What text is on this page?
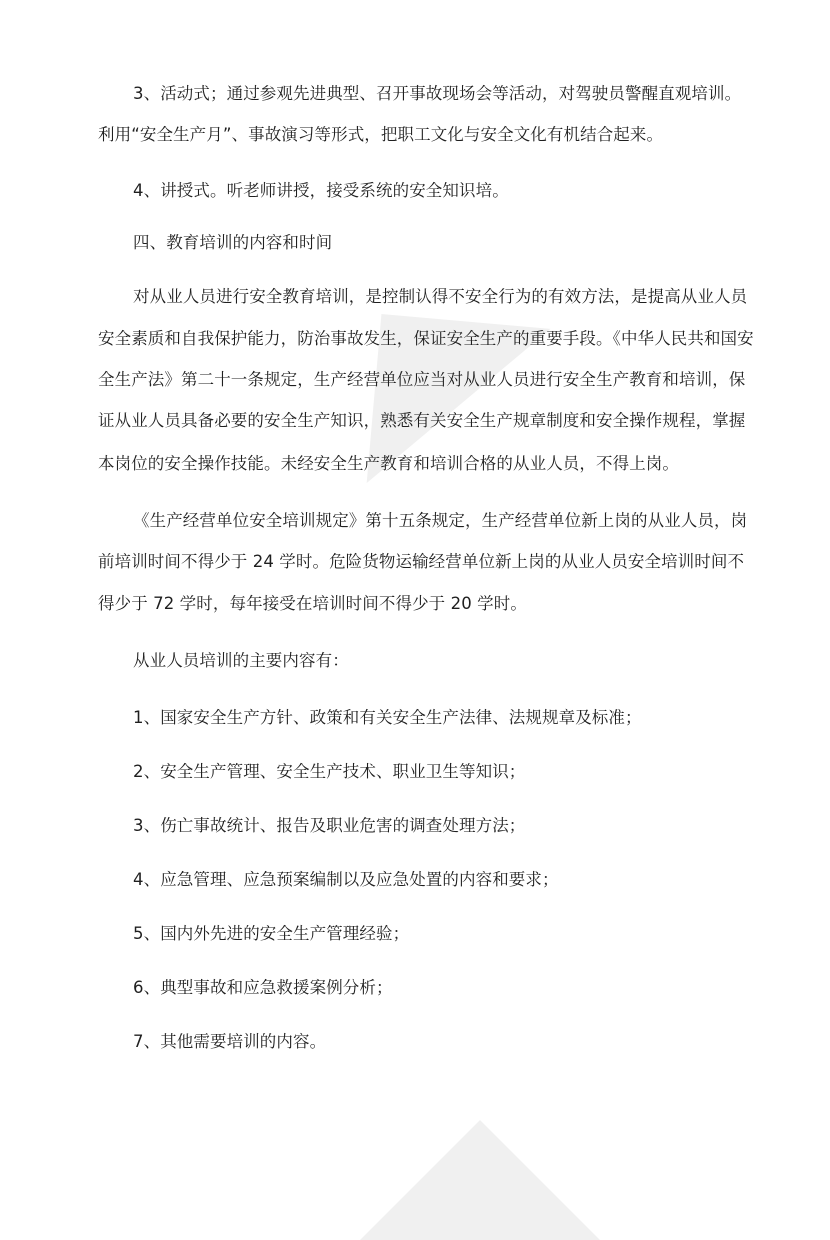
3、活动式；通过参观先进典型、召开事故现场会等活动，对驾驶员警醒直观培训。
利用“安全生产月”、事故演习等形式，把职工文化与安全文化有机结合起来。
4、讲授式。听老师讲授，接受系统的安全知识培。
四、教育培训的内容和时间
对从业人员进行安全教育培训，是控制认得不安全行为的有效方法，是提高从业人员
安全素质和自我保护能力，防治事故发生，保证安全生产的重要手段。《中华人民共和国安
全生产法》第二十一条规定，生产经营单位应当对从业人员进行安全生产教育和培训，保
证从业人员具备必要的安全生产知识，熟悉有关安全生产规章制度和安全操作规程，掌握
本岗位的安全操作技能。未经安全生产教育和培训合格的从业人员，不得上岗。
《生产经营单位安全培训规定》第十五条规定，生产经营单位新上岗的从业人员，岗
前培训时间不得少于 24 学时。危险货物运输经营单位新上岗的从业人员安全培训时间不
得少于 72 学时，每年接受在培训时间不得少于 20 学时。
从业人员培训的主要内容有：
1、国家安全生产方针、政策和有关安全生产法律、法规规章及标准；
2、安全生产管理、安全生产技术、职业卫生等知识；
3、伤亡事故统计、报告及职业危害的调查处理方法；
4、应急管理、应急预案编制以及应急处置的内容和要求；
5、国内外先进的安全生产管理经验；
6、典型事故和应急救援案例分析；
7、其他需要培训的内容。
